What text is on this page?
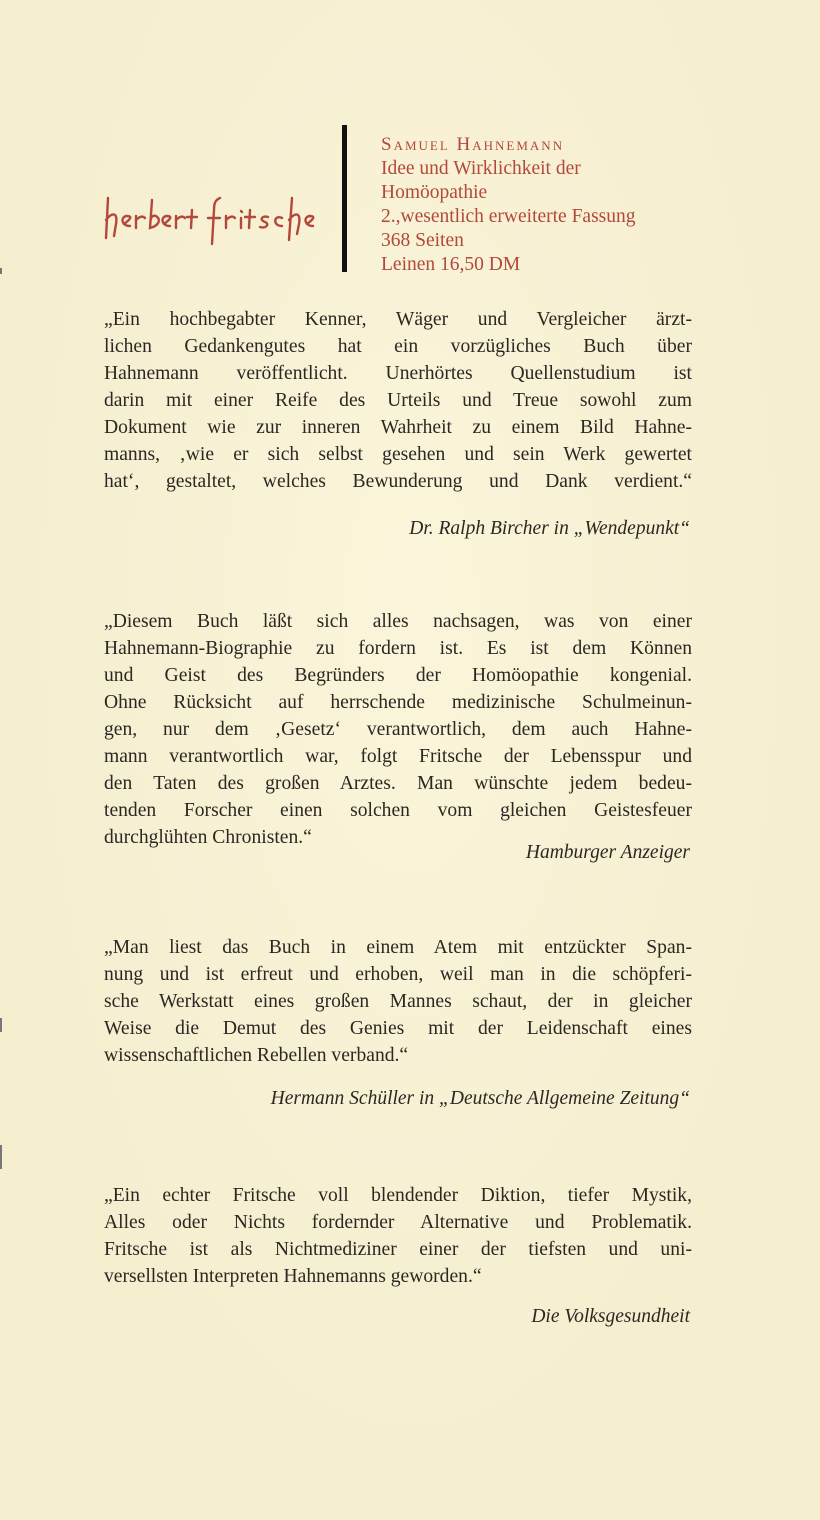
Samuel Hahnemann
Idee und Wirklichkeit der
Homöopathie
2.,wesentlich erweiterte Fassung
368 Seiten
Leinen 16,50 DM
„Ein hochbegabter Kenner, Wäger und Vergleicher ärzt-
lichen Gedankengutes hat ein vorzügliches Buch über
Hahnemann veröffentlicht. Unerhörtes Quellenstudium ist
darin mit einer Reife des Urteils und Treue sowohl zum
Dokument wie zur inneren Wahrheit zu einem Bild Hahne-
manns, ‚wie er sich selbst gesehen und sein Werk gewertet
hat‘, gestaltet, welches Bewunderung und Dank verdient.“
Dr. Ralph Bircher in „Wendepunkt“
„Diesem Buch läßt sich alles nachsagen, was von einer
Hahnemann-Biographie zu fordern ist. Es ist dem Können
und Geist des Begründers der Homöopathie kongenial.
Ohne Rücksicht auf herrschende medizinische Schulmeinun-
gen, nur dem ‚Gesetz‘ verantwortlich, dem auch Hahne-
mann verantwortlich war, folgt Fritsche der Lebensspur und
den Taten des großen Arztes. Man wünschte jedem bedeu-
tenden Forscher einen solchen vom gleichen Geistesfeuer
durchglühten Chronisten.“
Hamburger Anzeiger
„Man liest das Buch in einem Atem mit entzückter Span-
nung und ist erfreut und erhoben, weil man in die schöpferi-
sche Werkstatt eines großen Mannes schaut, der in gleicher
Weise die Demut des Genies mit der Leidenschaft eines
wissenschaftlichen Rebellen verband.“
Hermann Schüller in „Deutsche Allgemeine Zeitung“
„Ein echter Fritsche voll blendender Diktion, tiefer Mystik,
Alles oder Nichts fordernder Alternative und Problematik.
Fritsche ist als Nichtmediziner einer der tiefsten und uni-
versellsten Interpreten Hahnemanns geworden.“
Die Volksgesundheit
